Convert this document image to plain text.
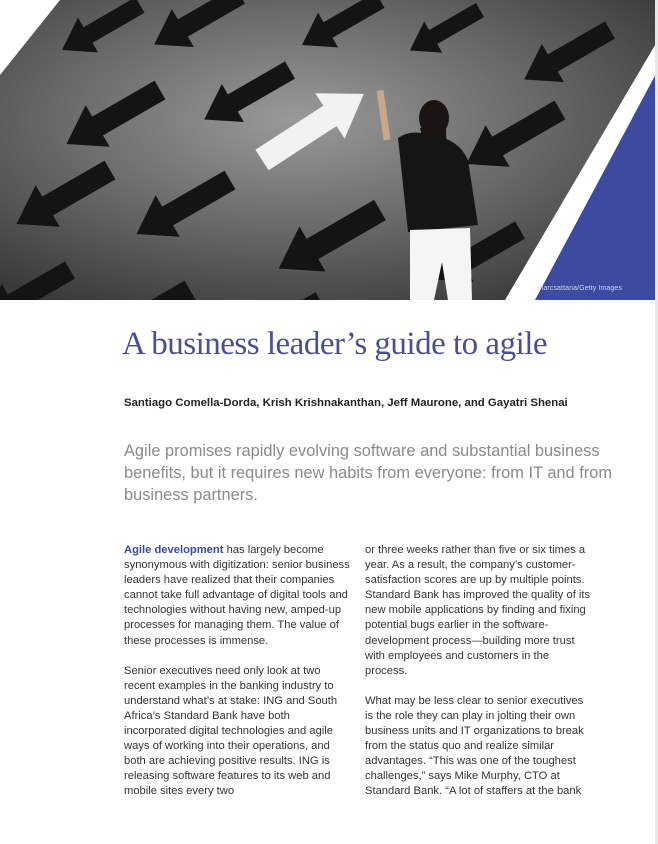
marcsattana/Getty Images
A business leader’s guide to agile
Santiago Comella-Dorda, Krish Krishnakanthan, Jeff Maurone, and Gayatri Shenai

Agile promises rapidly evolving software and substantial business benefits, but it requires new habits from everyone: from IT and from business partners.

Agile development has largely become synonymous with digitization: senior business leaders have realized that their companies cannot take full advantage of digital tools and technologies without having new, amped-up processes for managing them. The value of these processes is immense.

Senior executives need only look at two recent examples in the banking industry to understand what’s at stake: ING and South Africa’s Standard Bank have both incorporated digital technologies and agile ways of working into their operations, and both are achieving positive results. ING is releasing software features to its web and mobile sites every two

or three weeks rather than five or six times a year. As a result, the company’s customer-satisfaction scores are up by multiple points. Standard Bank has improved the quality of its new mobile applications by finding and fixing potential bugs earlier in the software-development process—building more trust with employees and customers in the process.

What may be less clear to senior executives is the role they can play in jolting their own business units and IT organizations to break from the status quo and realize similar advantages. “This was one of the toughest challenges,” says Mike Murphy, CTO at Standard Bank. “A lot of staffers at the bank
